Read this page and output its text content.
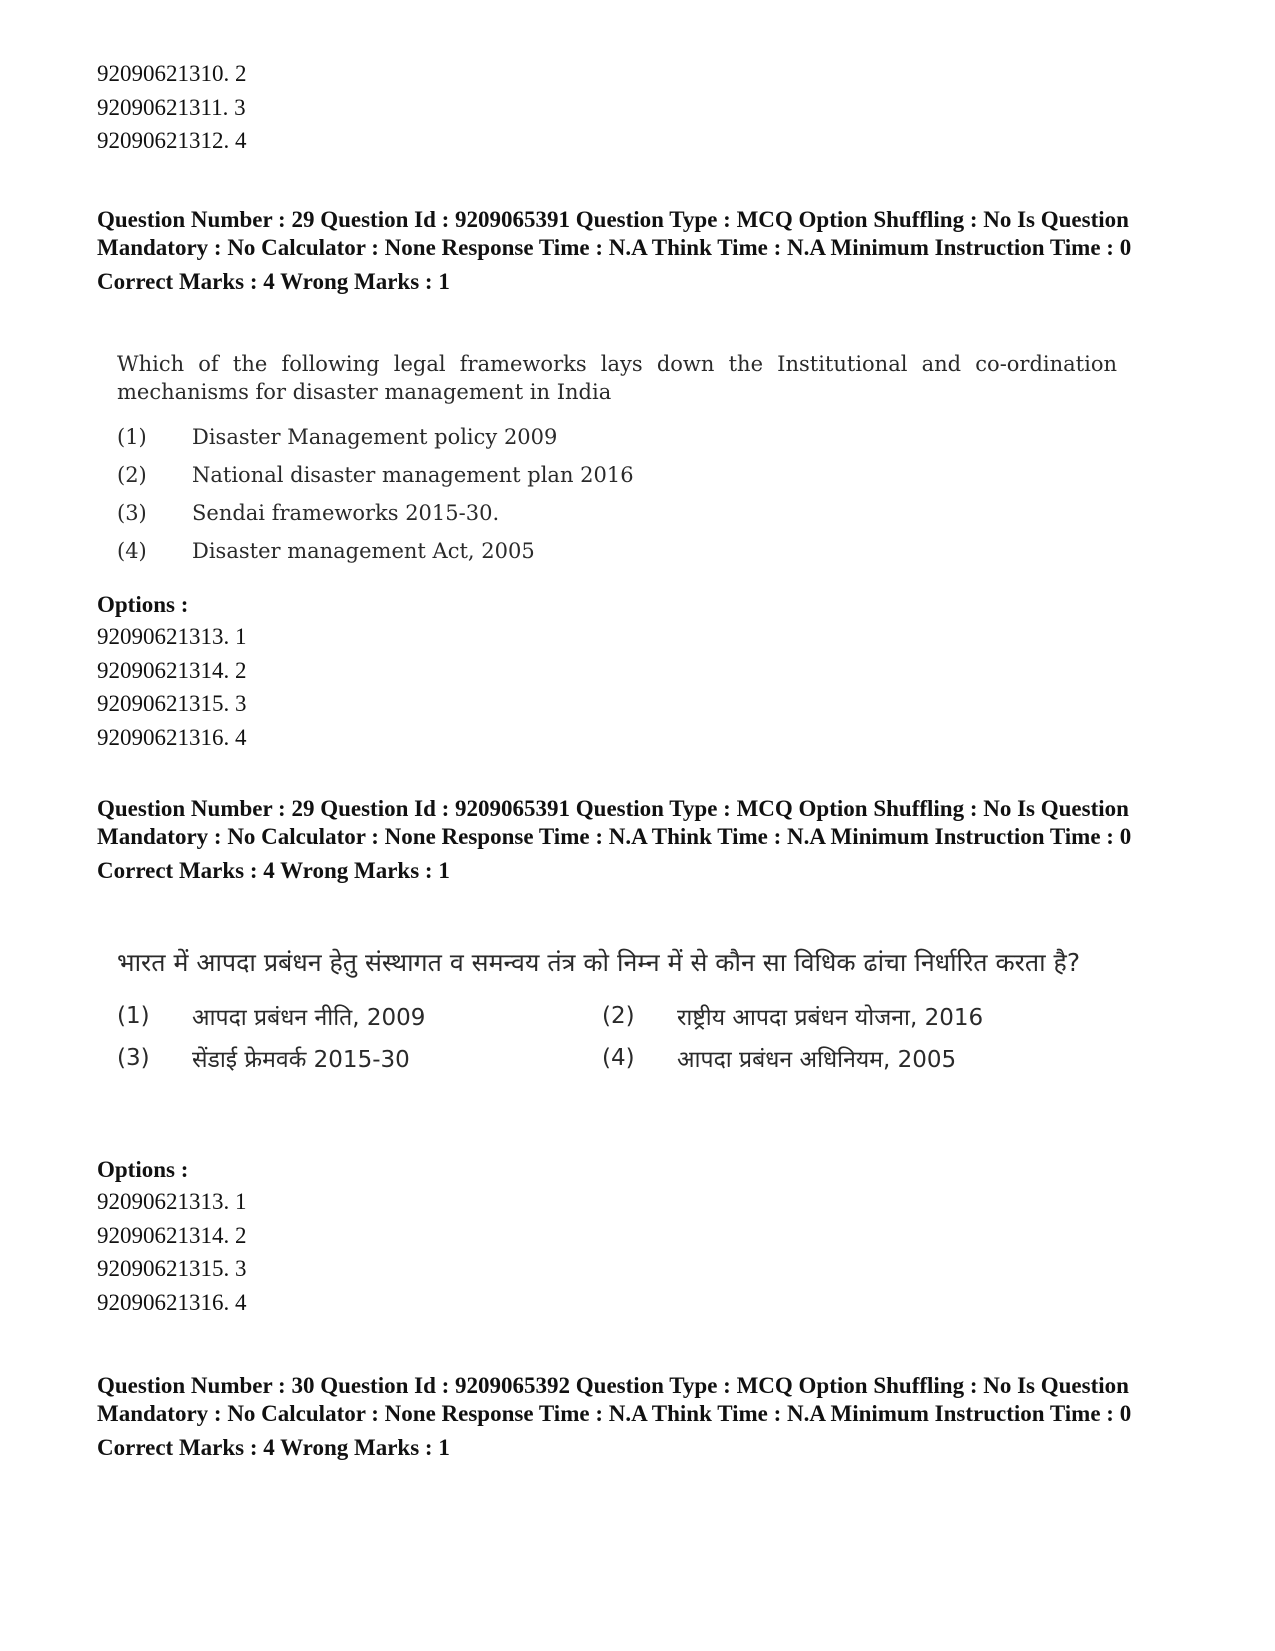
92090621310. 2
92090621311. 3
92090621312. 4
Question Number : 29 Question Id : 9209065391 Question Type : MCQ Option Shuffling : No Is Question Mandatory : No Calculator : None Response Time : N.A Think Time : N.A Minimum Instruction Time : 0
Correct Marks : 4 Wrong Marks : 1
Which of the following legal frameworks lays down the Institutional and co-ordination mechanisms for disaster management in India
(1)	Disaster Management policy 2009
(2)	National disaster management plan 2016
(3)	Sendai frameworks 2015-30.
(4)	Disaster management Act, 2005
Options :
92090621313. 1
92090621314. 2
92090621315. 3
92090621316. 4
Question Number : 29 Question Id : 9209065391 Question Type : MCQ Option Shuffling : No Is Question Mandatory : No Calculator : None Response Time : N.A Think Time : N.A Minimum Instruction Time : 0
Correct Marks : 4 Wrong Marks : 1
भारत में आपदा प्रबंधन हेतु संस्थागत व समन्वय तंत्र को निम्न में से कौन सा विधिक ढांचा निर्धारित करता है?
(1)	आपदा प्रबंधन नीति, 2009	(2)	राष्ट्रीय आपदा प्रबंधन योजना, 2016
(3)	सेंडाई फ्रेमवर्क 2015-30	(4)	आपदा प्रबंधन अधिनियम, 2005
Options :
92090621313. 1
92090621314. 2
92090621315. 3
92090621316. 4
Question Number : 30 Question Id : 9209065392 Question Type : MCQ Option Shuffling : No Is Question Mandatory : No Calculator : None Response Time : N.A Think Time : N.A Minimum Instruction Time : 0
Correct Marks : 4 Wrong Marks : 1
